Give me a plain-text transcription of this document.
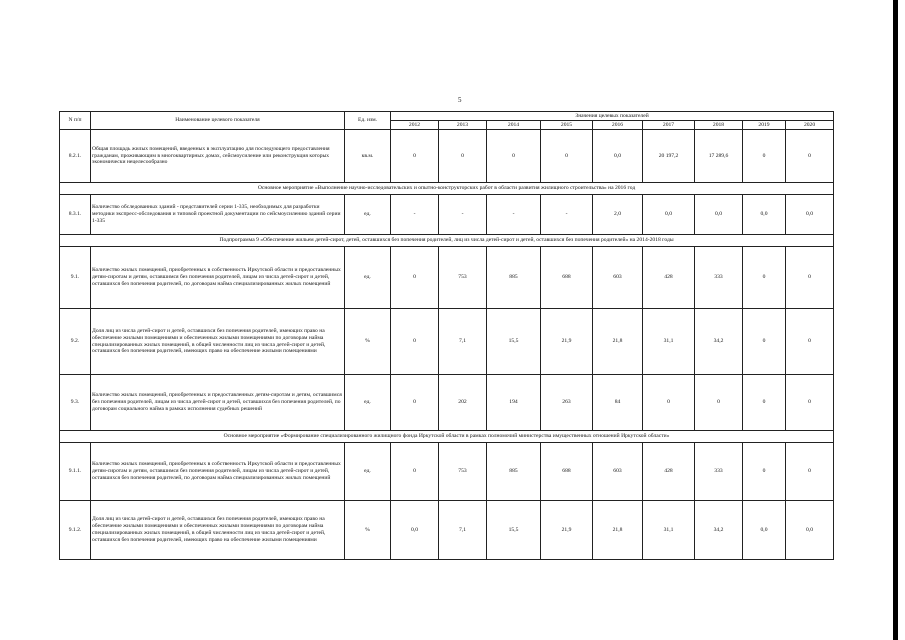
5
N п/п	Наименование целевого показателя	Ед. изм.	Значения целевых показателей								
			2012	2013	2014	2015	2016	2017	2018	2019	2020
8.2.1.	Общая площадь жилых помещений, введенных в эксплуатацию для последующего предоставления гражданам, проживающим в многоквартирных домах, сейсмоусиление или реконструкция которых экономически нецелесообразно	кв.м.	0	0	0	0	0,0	20 197,2	17 289,6	0	0
Основное мероприятие «Выполнение научно-исследовательских и опытно-конструкторских работ в области развития жилищного строительства» на 2016 год											
8.3.1.	Количество обследованных зданий - представителей серии 1-335, необходимых для разработки методики экспресс-обследования и типовой проектной документации по сейсмоусилению зданий серии 1-335	ед.	-	-	-	-	2,0	0,0	0,0	0,0	0,0
Подпрограмма 9 «Обеспечение жильем детей-сирот, детей, оставшихся без попечения родителей, лиц из числа детей-сирот и детей, оставшихся без попечения родителей» на 2014-2018 годы											
9.1.	Количество жилых помещений, приобретенных в собственность Иркутской области и предоставленных детям-сиротам и детям, оставшимся без попечения родителей, лицам из числа детей-сирот и детей, оставшихся без попечения родителей, по договорам найма специализированных жилых помещений	ед.	0	753	885	688	603	428	333	0	0
9.2.	Доля лиц из числа детей-сирот и детей, оставшихся без попечения родителей, имеющих право на обеспечение жилыми помещениями и обеспеченных жилыми помещениями по договорам найма специализированных жилых помещений, в общей численности лиц из числа детей-сирот и детей, оставшихся без попечения родителей, имеющих право на обеспечение жилыми помещениями	%	0	7,1	15,5	21,9	21,8	31,1	34,2	0	0
9.3.	Количество жилых помещений, приобретенных и предоставленных детям-сиротам и детям, оставшимся без попечения родителей, лицам из числа детей-сирот и детей, оставшихся без попечения родителей, по договорам социального найма в рамках исполнения судебных решений	ед.	0	202	194	263	84	0	0	0	0
Основное мероприятие «Формирование специализированного жилищного фонда Иркутской области в рамках полномочий министерства имущественных отношений Иркутской области»											
9.1.1.	Количество жилых помещений, приобретенных в собственность Иркутской области и предоставленных детям-сиротам и детям, оставшимся без попечения родителей, лицам из числа детей-сирот и детей, оставшихся без попечения родителей, по договорам найма специализированных жилых помещений	ед.	0	753	885	688	603	428	333	0	0
9.1.2.	Доля лиц из числа детей-сирот и детей, оставшихся без попечения родителей, имеющих право на обеспечение жилыми помещениями и обеспеченных жилыми помещениями по договорам найма специализированных жилых помещений, в общей численности лиц из числа детей-сирот и детей, оставшихся без попечения родителей, имеющих право на обеспечение жилыми помещениями	%	0,0	7,1	15,5	21,9	21,8	31,1	34,2	0,0	0,0
